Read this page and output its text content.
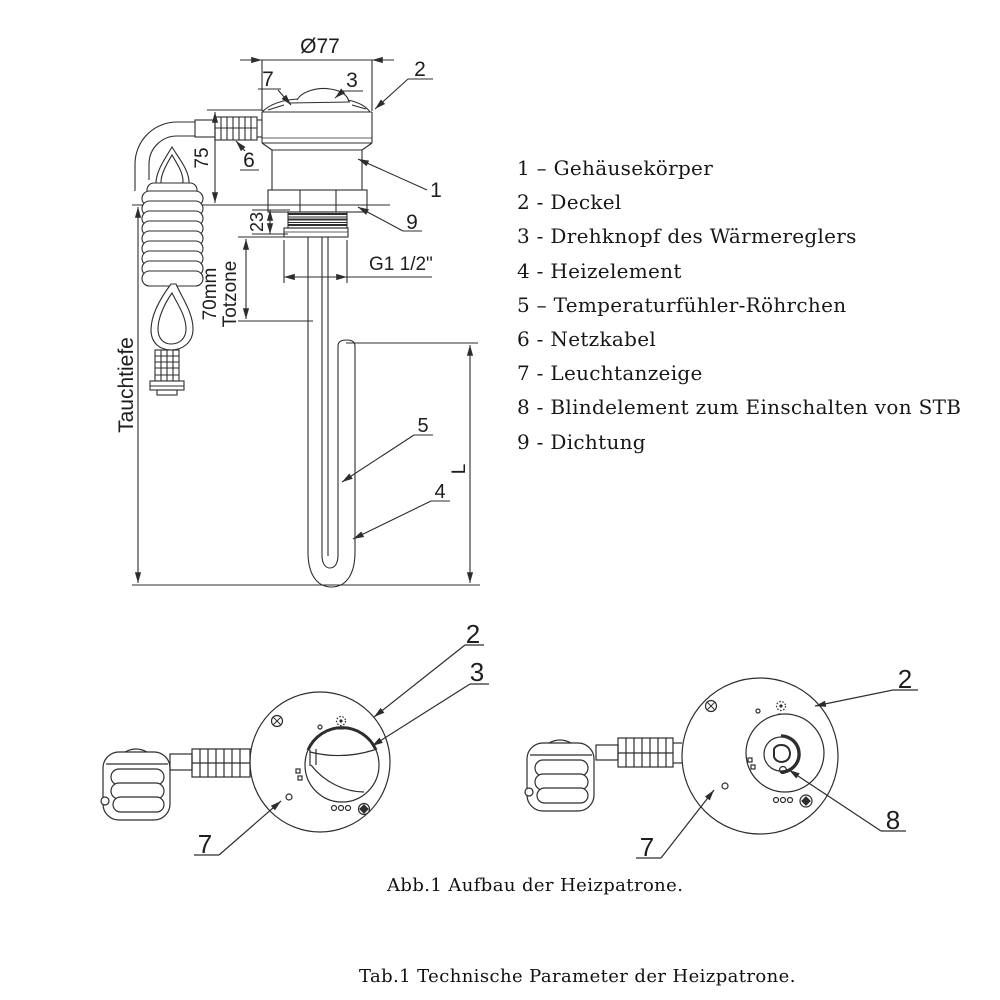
Ø77
75
23
70mm Totzone	G1 1/2"
Tauchtiefe
L
7	3	2
6
1
9
5
4
2
3
7
2
8
7
1 – Gehäusekörper
2 - Deckel
3 - Drehknopf des Wärmereglers
4 - Heizelement
5 – Temperaturfühler-Röhrchen
6 - Netzkabel
7 - Leuchtanzeige
8 - Blindelement zum Einschalten von STB
9 - Dichtung
Abb.1 Aufbau der Heizpatrone.
Tab.1 Technische Parameter der Heizpatrone.
